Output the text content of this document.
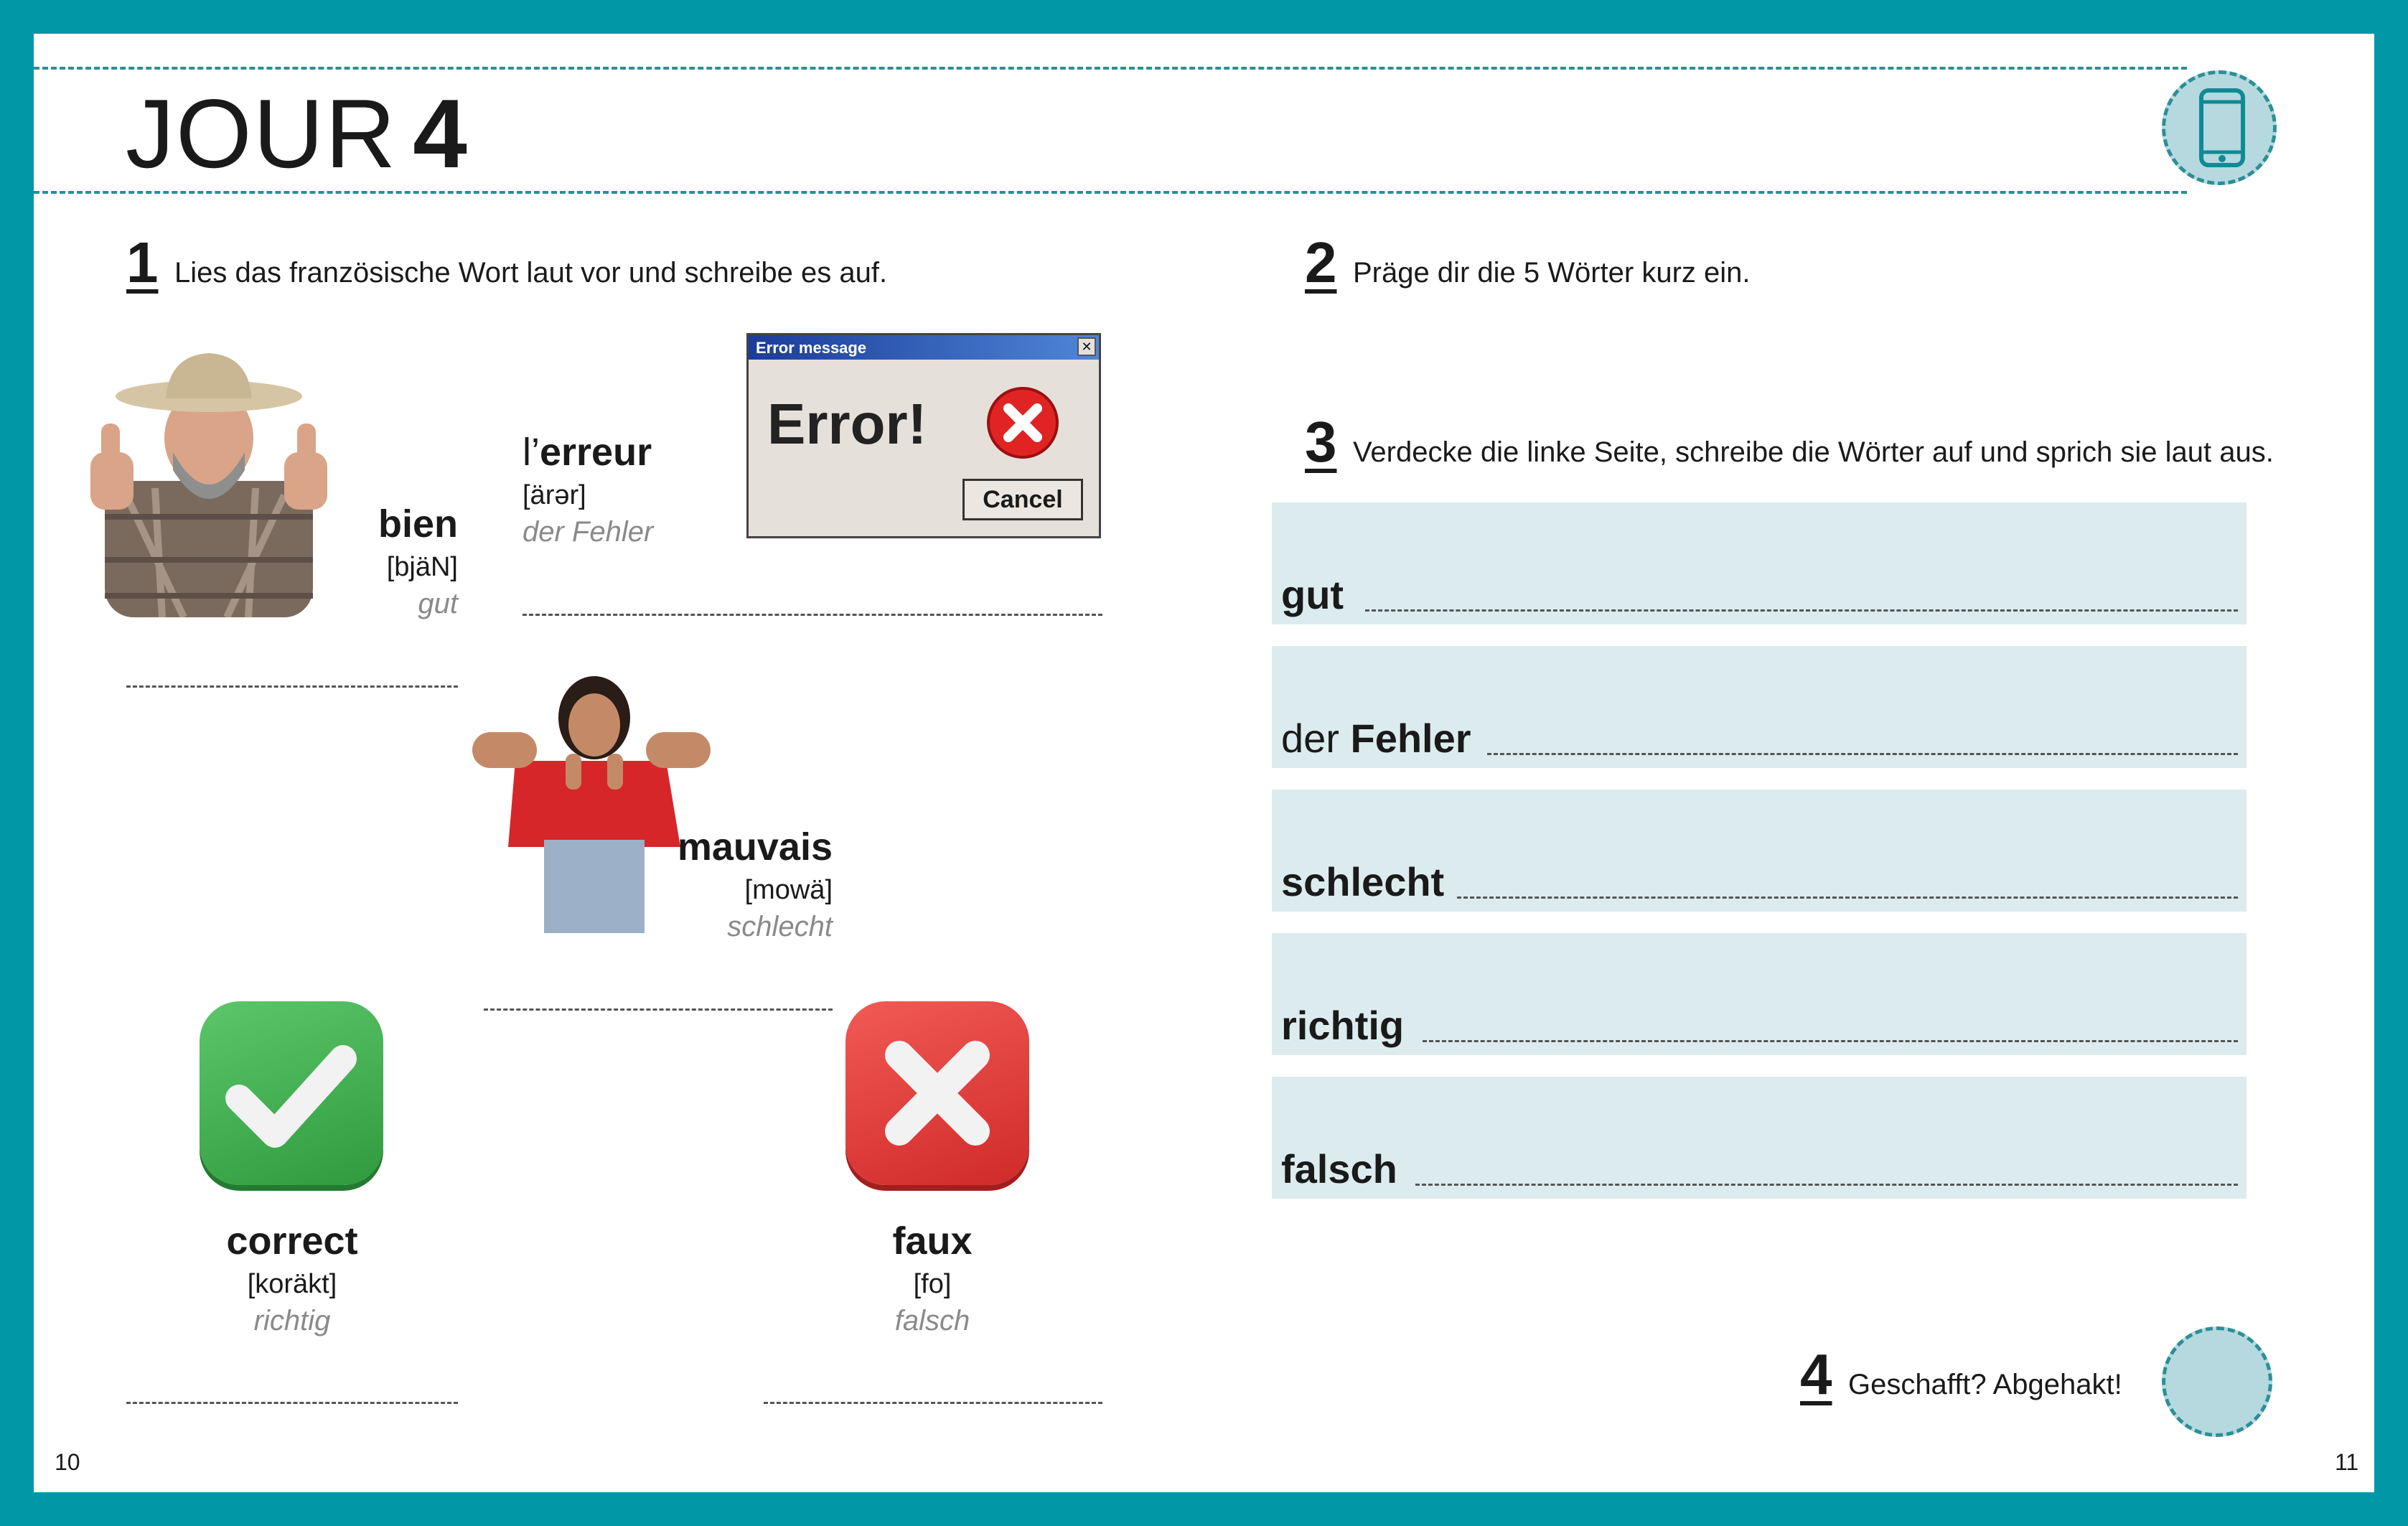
JOUR 4
1 Lies das französische Wort laut vor und schreibe es auf.
bien
[bjäN]
gut
l’erreur
[ärər]
der Fehler
Error message	✕
Error!
Cancel
mauvais
[mowä]
schlecht
correct
[koräkt]
richtig
faux
[fo]
falsch
2 Präge dir die 5 Wörter kurz ein.
3 Verdecke die linke Seite, schreibe die Wörter auf und sprich sie laut aus.
gut
der Fehler
schlecht
richtig
falsch
4 Geschafft? Abgehakt!
10	11
